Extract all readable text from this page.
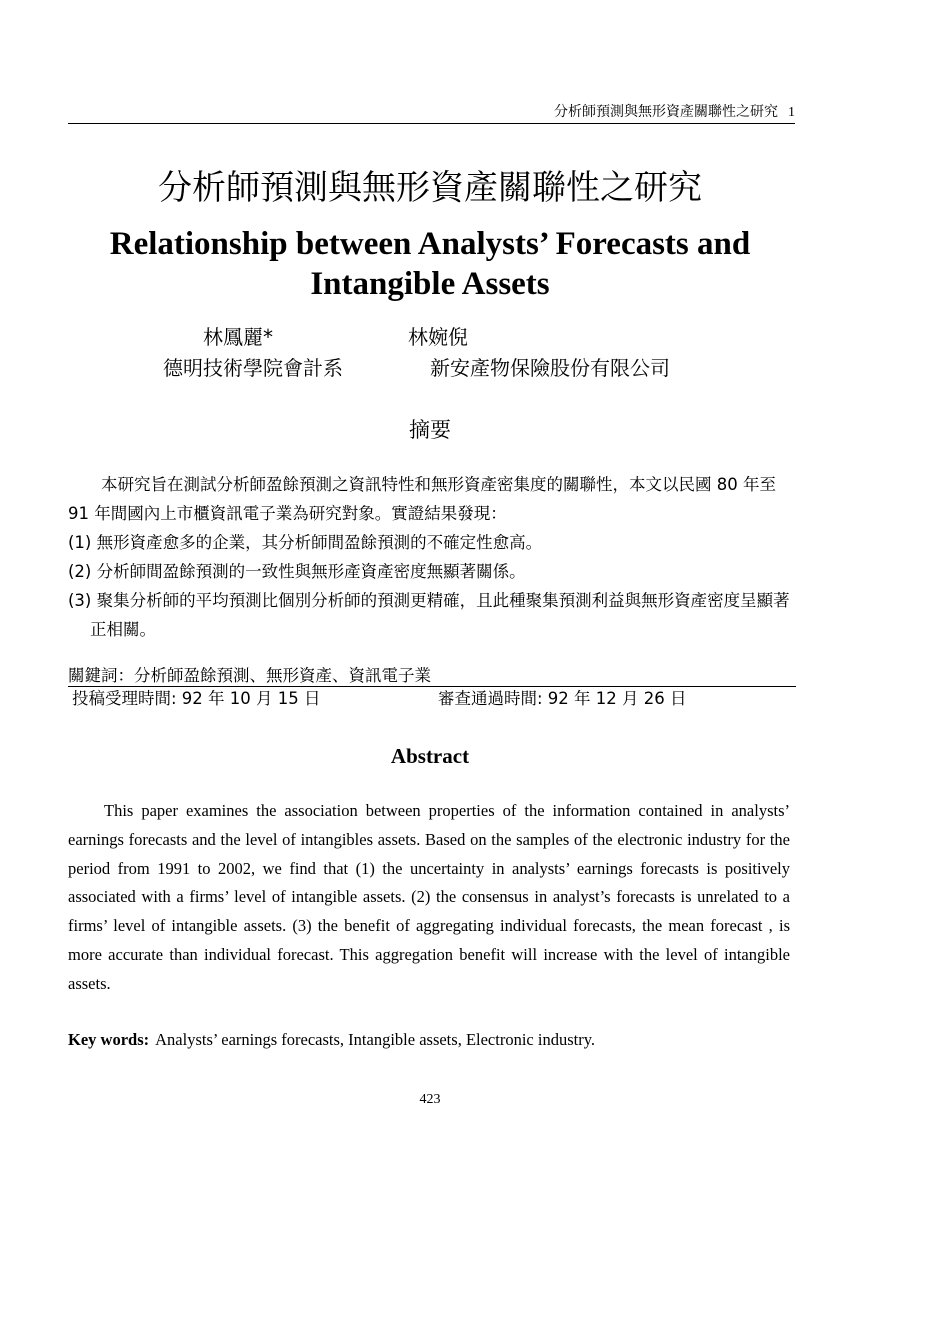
分析師預測與無形資產關聯性之研究 1
分析師預測與無形資產關聯性之研究
Relationship between Analysts’ Forecasts and
Intangible Assets
林鳳麗*
德明技術學院會計系
林婉倪
新安產物保險股份有限公司
摘要

本研究旨在測試分析師盈餘預測之資訊特性和無形資產密集度的關聯性，本文以民國 80 年至 91 年間國內上市櫃資訊電子業為研究對象。實證結果發現：

(1) 無形資產愈多的企業，其分析師間盈餘預測的不確定性愈高。

(2) 分析師間盈餘預測的一致性與無形產資產密度無顯著關係。

(3) 聚集分析師的平均預測比個別分析師的預測更精確，且此種聚集預測利益與無形資產密度呈顯著正相關。

關鍵詞：分析師盈餘預測、無形資產、資訊電子業
投稿受理時間: 92 年 10 月 15 日	審查通過時間: 92 年 12 月 26 日
Abstract
This paper examines the association between properties of the information contained in analysts’ earnings forecasts and the level of intangibles assets. Based on the samples of the electronic industry for the period from 1991 to 2002, we find that (1) the uncertainty in analysts’ earnings forecasts is positively associated with a firms’ level of intangible assets. (2) the consensus in analyst’s forecasts is unrelated to a firms’ level of intangible assets. (3) the benefit of aggregating individual forecasts, the mean forecast , is more accurate than individual forecast. This aggregation benefit will increase with the level of intangible assets.
Key words: Analysts’ earnings forecasts, Intangible assets, Electronic industry.
423
